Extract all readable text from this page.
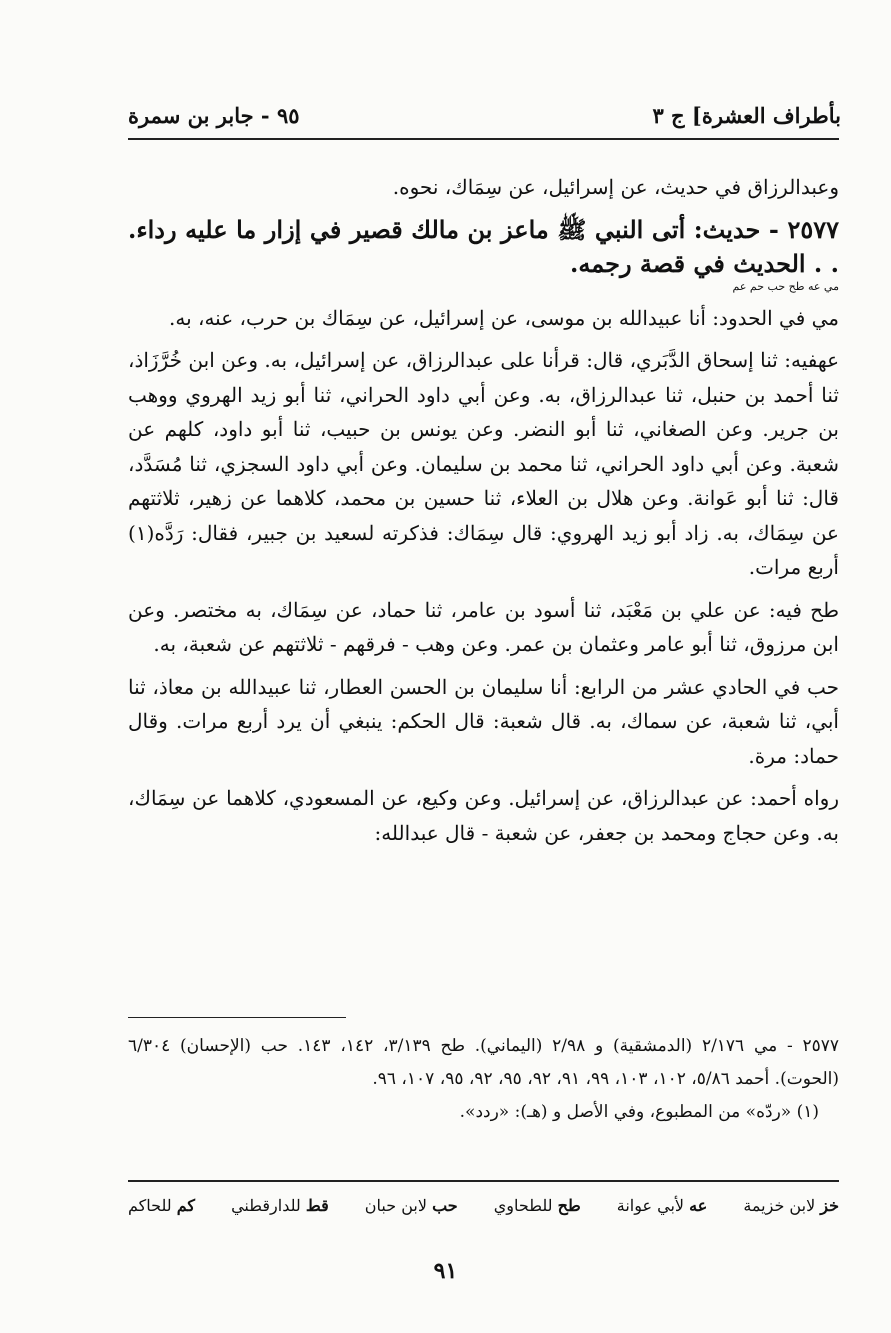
بأطراف العشرة] ج ٣
٩٥ - جابر بن سمرة

وعبدالرزاق في حديث، عن إسرائيل، عن سِمَاك، نحوه.

٢٥٧٧ - حديث: أتى النبي ﷺ ماعز بن مالك قصير في إزار ما عليه رداء. . . الحديث في قصة رجمه.

مي عه طح حب حم عم

مي في الحدود: أنا عبيدالله بن موسى، عن إسرائيل، عن سِمَاك بن حرب، عنه، به.

عهفيه: ثنا إسحاق الدَّبَري، قال: قرأنا على عبدالرزاق، عن إسرائيل، به. وعن ابن خُرَّزَاذ، ثنا أحمد بن حنبل، ثنا عبدالرزاق، به. وعن أبي داود الحراني، ثنا أبو زيد الهروي ووهب بن جرير. وعن الصغاني، ثنا أبو النضر. وعن يونس بن حبيب، ثنا أبو داود، كلهم عن شعبة. وعن أبي داود الحراني، ثنا محمد بن سليمان. وعن أبي داود السجزي، ثنا مُسَدَّد، قال: ثنا أبو عَوانة. وعن هلال بن العلاء، ثنا حسين بن محمد، كلاهما عن زهير، ثلاثتهم عن سِمَاك، به. زاد أبو زيد الهروي: قال سِمَاك: فذكرته لسعيد بن جبير، فقال: رَدَّه(١) أربع مرات.

طح فيه: عن علي بن مَعْبَد، ثنا أسود بن عامر، ثنا حماد، عن سِمَاك، به مختصر. وعن ابن مرزوق، ثنا أبو عامر وعثمان بن عمر. وعن وهب - فرقهم - ثلاثتهم عن شعبة، به.

حب في الحادي عشر من الرابع: أنا سليمان بن الحسن العطار، ثنا عبيدالله بن معاذ، ثنا أبي، ثنا شعبة، عن سماك، به. قال شعبة: قال الحكم: ينبغي أن يرد أربع مرات. وقال حماد: مرة.

رواه أحمد: عن عبدالرزاق، عن إسرائيل. وعن وكيع، عن المسعودي، كلاهما عن سِمَاك، به. وعن حجاج ومحمد بن جعفر، عن شعبة - قال عبدالله:

٢٥٧٧ - مي ٢/١٧٦ (الدمشقية) و ٢/٩٨ (اليماني). طح ٣/١٣٩، ١٤٢، ١٤٣. حب (الإحسان) ٦/٣٠٤ (الحوت). أحمد ٥/٨٦، ١٠٢، ١٠٣، ٩٩، ٩١، ٩٢، ٩٥، ٩٢، ٩٥، ١٠٧، ٩٦.

(١) «ردّه» من المطبوع، وفي الأصل و (هـ): «ردد».

خز لابن خزيمة
عه لأبي عوانة
طح للطحاوي
حب لابن حبان
قط للدارقطني
كم للحاكم
٩١
